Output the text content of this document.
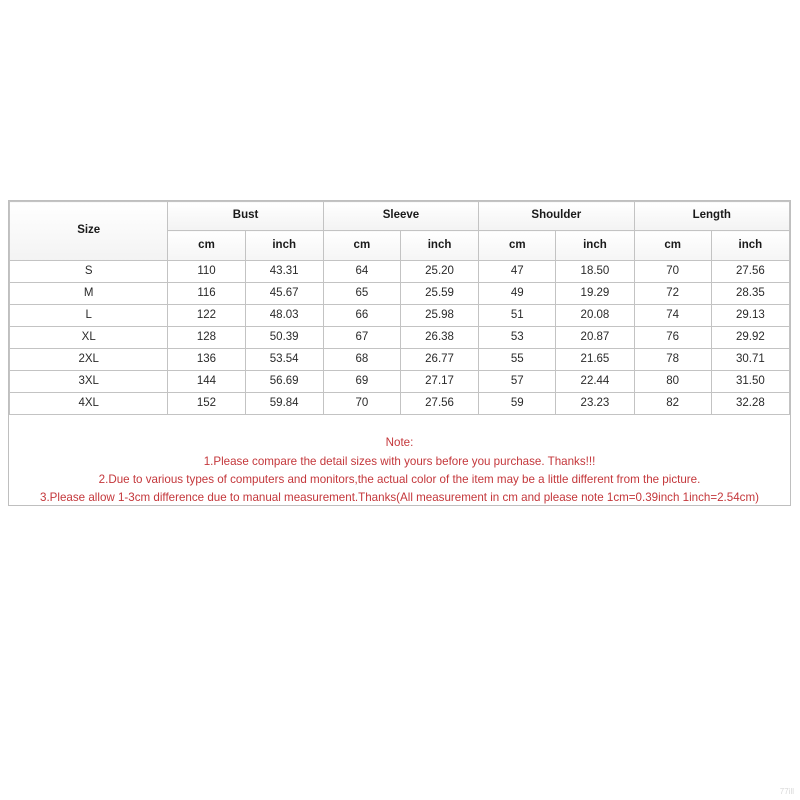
Size	Bust		Sleeve		Shoulder		Length	
	cm	inch	cm	inch	cm	inch	cm	inch
S	110	43.31	64	25.20	47	18.50	70	27.56
M	116	45.67	65	25.59	49	19.29	72	28.35
L	122	48.03	66	25.98	51	20.08	74	29.13
XL	128	50.39	67	26.38	53	20.87	76	29.92
2XL	136	53.54	68	26.77	55	21.65	78	30.71
3XL	144	56.69	69	27.17	57	22.44	80	31.50
4XL	152	59.84	70	27.56	59	23.23	82	32.28
Note:
1.Please compare the detail sizes with yours before you purchase. Thanks!!!
2.Due to various types of computers and monitors,the actual color of the item may be a little different from the picture.
3.Please allow 1-3cm difference due to manual measurement.Thanks(All measurement in cm and please note 1cm=0.39inch 1inch=2.54cm)
77ill
